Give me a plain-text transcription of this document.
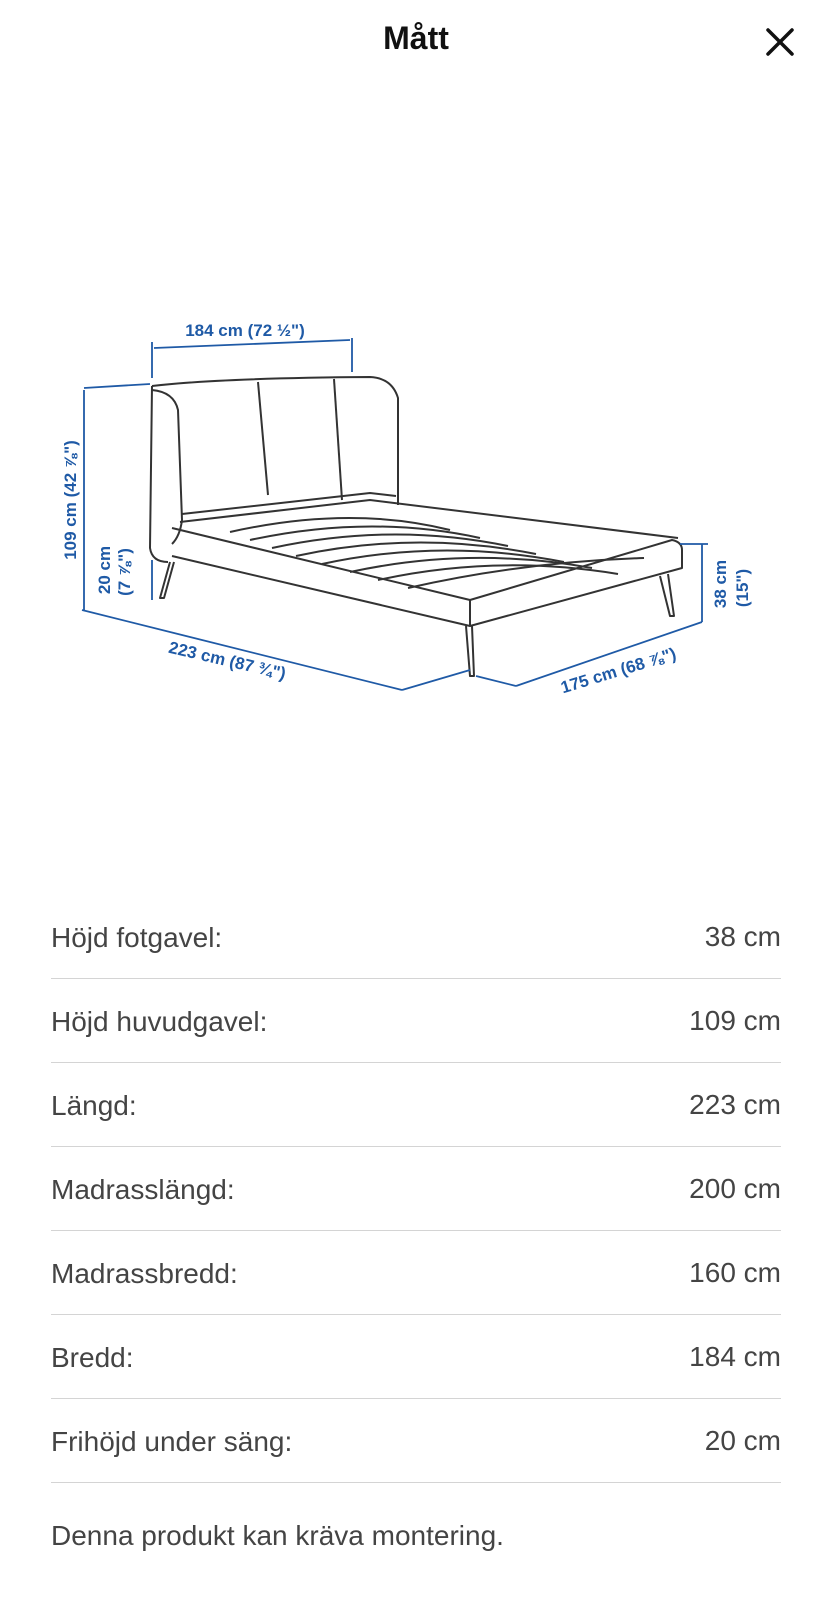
Mått
184 cm (72 ½")
109 cm (42 ⅞")
20 cm (7 ⅞")
223 cm (87 ¾")
38 cm (15")
175 cm (68 ⅞")
Höjd fotgavel:	38 cm
Höjd huvudgavel:	109 cm
Längd:	223 cm
Madrasslängd:	200 cm
Madrassbredd:	160 cm
Bredd:	184 cm
Frihöjd under säng:	20 cm
Denna produkt kan kräva montering.
